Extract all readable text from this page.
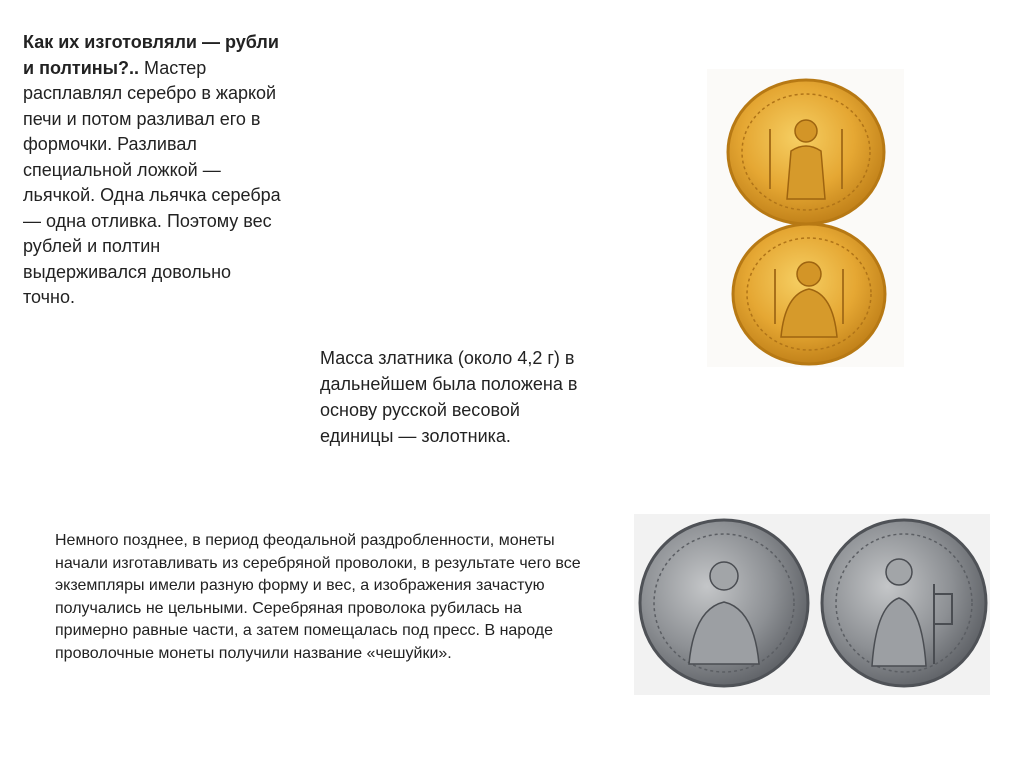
Как их изготовляли — рубли и полтины?.. Мастер расплавлял серебро в жаркой печи и потом разливал его в формочки. Разливал специальной ложкой — льячкой. Одна льячка серебра — одна отливка. Поэтому вес рублей и полтин выдерживался довольно точно.

Масса златника (около 4,2 г) в дальнейшем была положена в основу русской весовой единицы — золотника.

Немного позднее, в период феодальной раздробленности, монеты начали изготавливать из серебряной проволоки, в результате чего все экземпляры имели разную форму и вес, а изображения зачастую получались не цельными. Серебряная проволока рубилась на примерно равные части, а затем помещалась под пресс. В народе проволочные монеты получили название «чешуйки».
